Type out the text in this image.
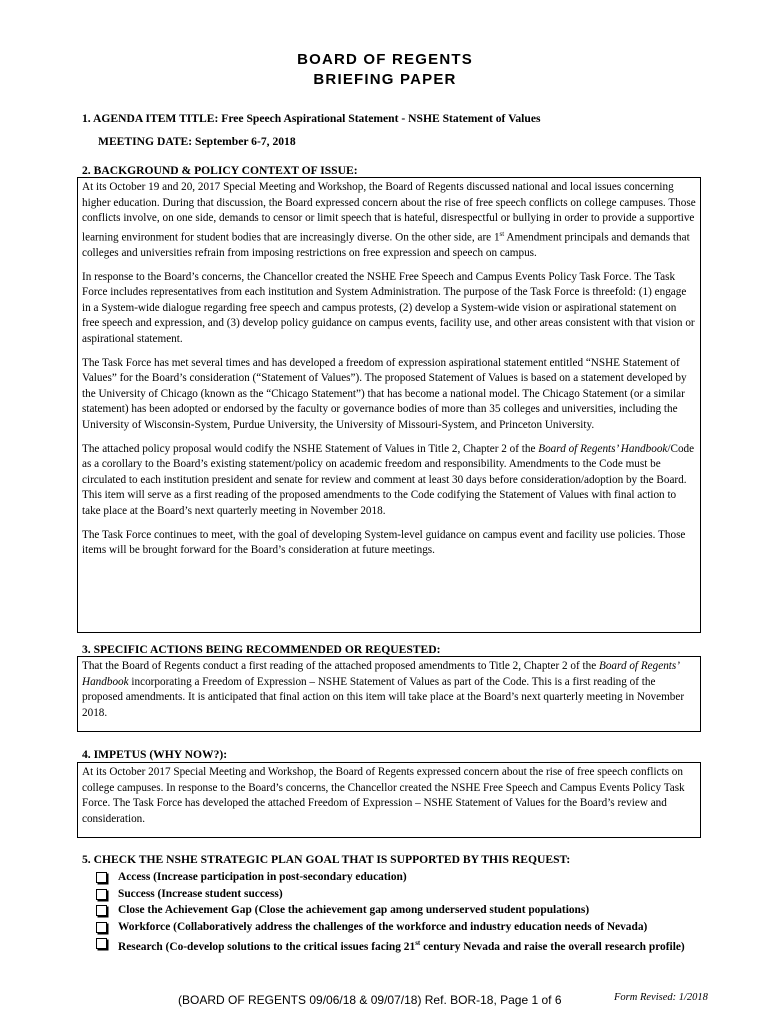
BOARD OF REGENTS
BRIEFING PAPER
1. AGENDA ITEM TITLE: Free Speech Aspirational Statement - NSHE Statement of Values
MEETING DATE: September 6-7, 2018
2. BACKGROUND & POLICY CONTEXT OF ISSUE:

At its October 19 and 20, 2017 Special Meeting and Workshop, the Board of Regents discussed national and local issues concerning higher education. During that discussion, the Board expressed concern about the rise of free speech conflicts on college campuses. Those conflicts involve, on one side, demands to censor or limit speech that is hateful, disrespectful or bullying in order to provide a supportive learning environment for student bodies that are increasingly diverse. On the other side, are 1st Amendment principals and demands that colleges and universities refrain from imposing restrictions on free expression and speech on campus.

In response to the Board’s concerns, the Chancellor created the NSHE Free Speech and Campus Events Policy Task Force. The Task Force includes representatives from each institution and System Administration. The purpose of the Task Force is threefold: (1) engage in a System-wide dialogue regarding free speech and campus protests, (2) develop a System-wide vision or aspirational statement on free speech and expression, and (3) develop policy guidance on campus events, facility use, and other areas consistent with that vision or aspirational statement.

The Task Force has met several times and has developed a freedom of expression aspirational statement entitled “NSHE Statement of Values” for the Board’s consideration (“Statement of Values”). The proposed Statement of Values is based on a statement developed by the University of Chicago (known as the “Chicago Statement”) that has become a national model. The Chicago Statement (or a similar statement) has been adopted or endorsed by the faculty or governance bodies of more than 35 colleges and universities, including the University of Wisconsin-System, Purdue University, the University of Missouri-System, and Princeton University.

The attached policy proposal would codify the NSHE Statement of Values in Title 2, Chapter 2 of the Board of Regents’ Handbook/Code as a corollary to the Board’s existing statement/policy on academic freedom and responsibility. Amendments to the Code must be circulated to each institution president and senate for review and comment at least 30 days before consideration/adoption by the Board. This item will serve as a first reading of the proposed amendments to the Code codifying the Statement of Values with final action to take place at the Board’s next quarterly meeting in November 2018.

The Task Force continues to meet, with the goal of developing System-level guidance on campus event and facility use policies. Those items will be brought forward for the Board’s consideration at future meetings.

3. SPECIFIC ACTIONS BEING RECOMMENDED OR REQUESTED:

That the Board of Regents conduct a first reading of the attached proposed amendments to Title 2, Chapter 2 of the Board of Regents’ Handbook incorporating a Freedom of Expression – NSHE Statement of Values as part of the Code. This is a first reading of the proposed amendments. It is anticipated that final action on this item will take place at the Board’s next quarterly meeting in November 2018.

4. IMPETUS (WHY NOW?):

At its October 2017 Special Meeting and Workshop, the Board of Regents expressed concern about the rise of free speech conflicts on college campuses. In response to the Board’s concerns, the Chancellor created the NSHE Free Speech and Campus Events Policy Task Force. The Task Force has developed the attached Freedom of Expression – NSHE Statement of Values for the Board’s review and consideration.

5. CHECK THE NSHE STRATEGIC PLAN GOAL THAT IS SUPPORTED BY THIS REQUEST:
Access (Increase participation in post-secondary education)
Success (Increase student success)
Close the Achievement Gap (Close the achievement gap among underserved student populations)
Workforce (Collaboratively address the challenges of the workforce and industry education needs of Nevada)
Research (Co-develop solutions to the critical issues facing 21st century Nevada and raise the overall research profile)
(BOARD OF REGENTS 09/06/18 & 09/07/18) Ref. BOR-18, Page 1 of 6	Form Revised: 1/2018
